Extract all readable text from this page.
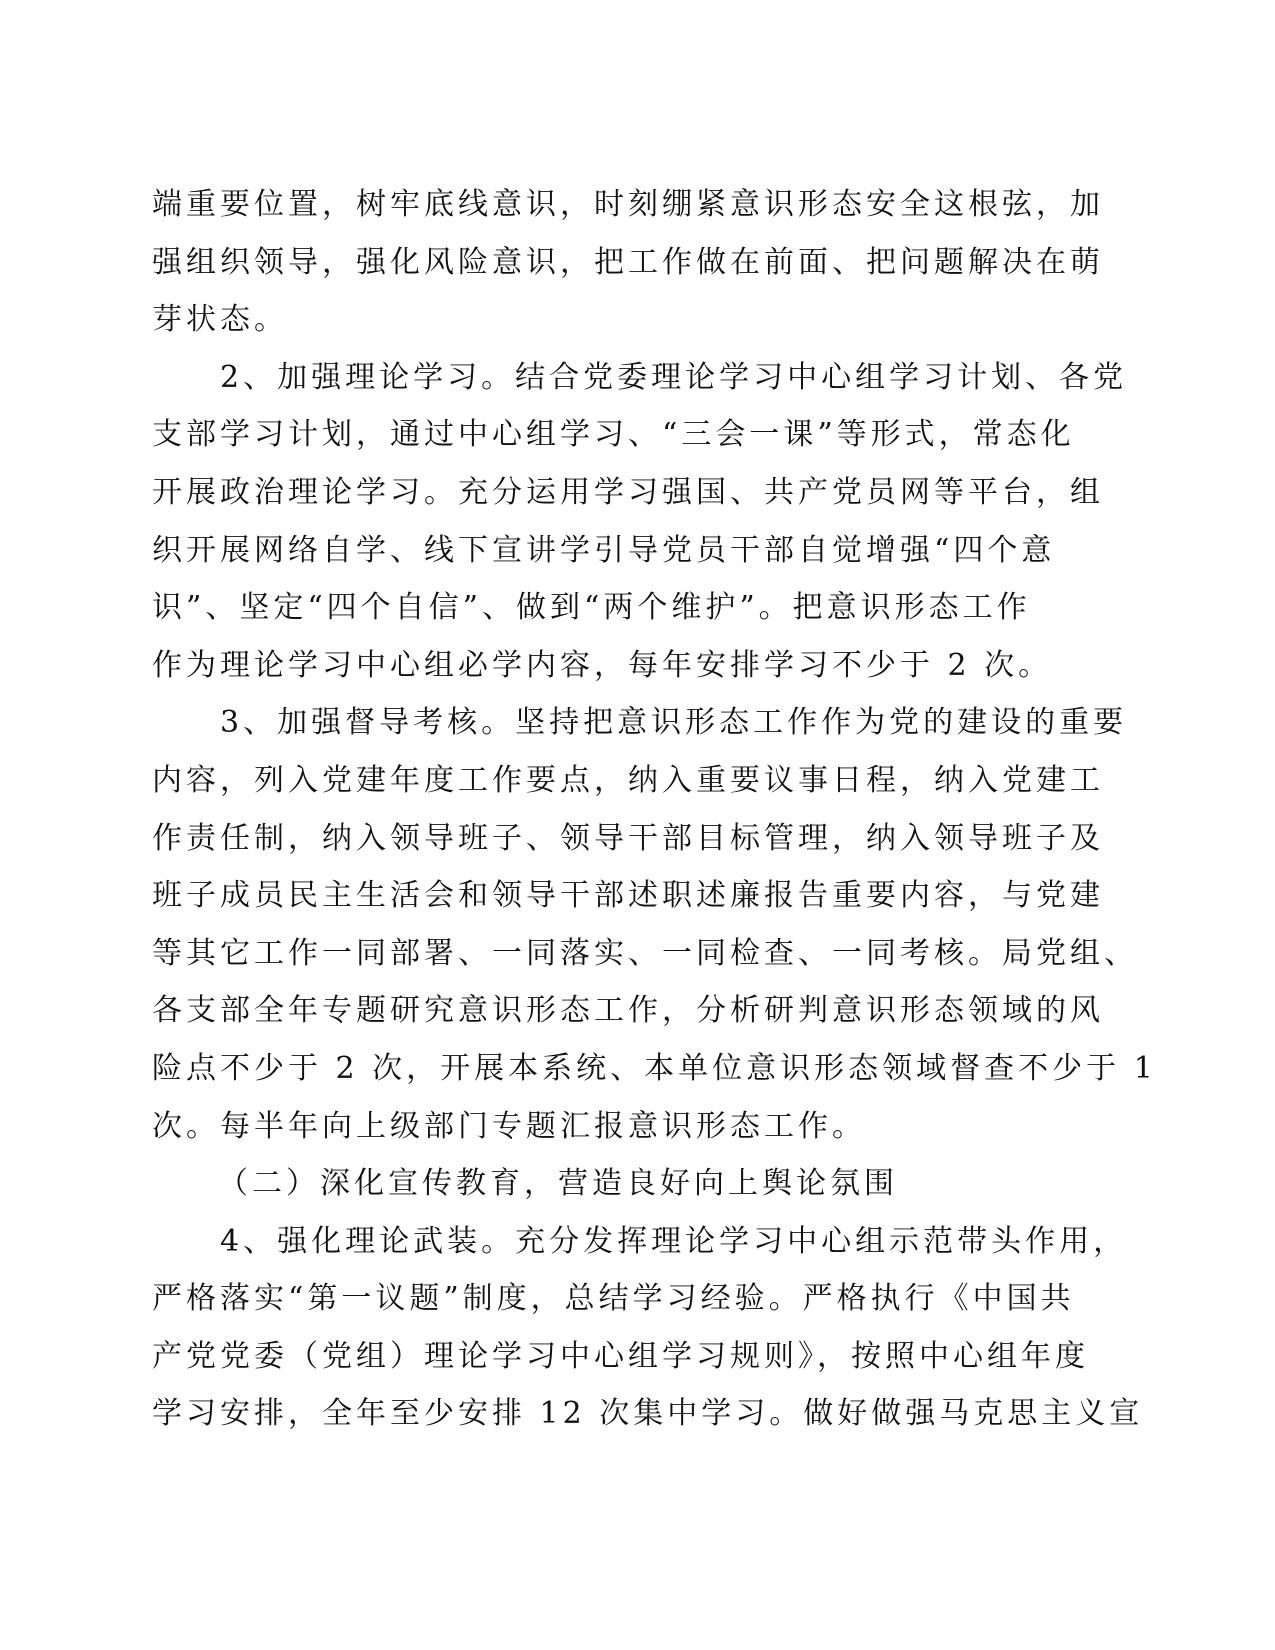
端重要位置，树牢底线意识，时刻绷紧意识形态安全这根弦，加
强组织领导，强化风险意识，把工作做在前面、把问题解决在萌
芽状态。
2、加强理论学习。结合党委理论学习中心组学习计划、各党
支部学习计划，通过中心组学习、“三会一课”等形式，常态化
开展政治理论学习。充分运用学习强国、共产党员网等平台，组
织开展网络自学、线下宣讲学引导党员干部自觉增强“四个意
识”、坚定“四个自信”、做到“两个维护”。把意识形态工作
作为理论学习中心组必学内容，每年安排学习不少于 2 次。
3、加强督导考核。坚持把意识形态工作作为党的建设的重要
内容，列入党建年度工作要点，纳入重要议事日程，纳入党建工
作责任制，纳入领导班子、领导干部目标管理，纳入领导班子及
班子成员民主生活会和领导干部述职述廉报告重要内容，与党建
等其它工作一同部署、一同落实、一同检查、一同考核。局党组、
各支部全年专题研究意识形态工作，分析研判意识形态领域的风
险点不少于 2 次，开展本系统、本单位意识形态领域督查不少于 1
次。每半年向上级部门专题汇报意识形态工作。
（二）深化宣传教育，营造良好向上舆论氛围
4、强化理论武装。充分发挥理论学习中心组示范带头作用，
严格落实“第一议题”制度，总结学习经验。严格执行《中国共
产党党委（党组）理论学习中心组学习规则》，按照中心组年度
学习安排，全年至少安排 12 次集中学习。做好做强马克思主义宣
